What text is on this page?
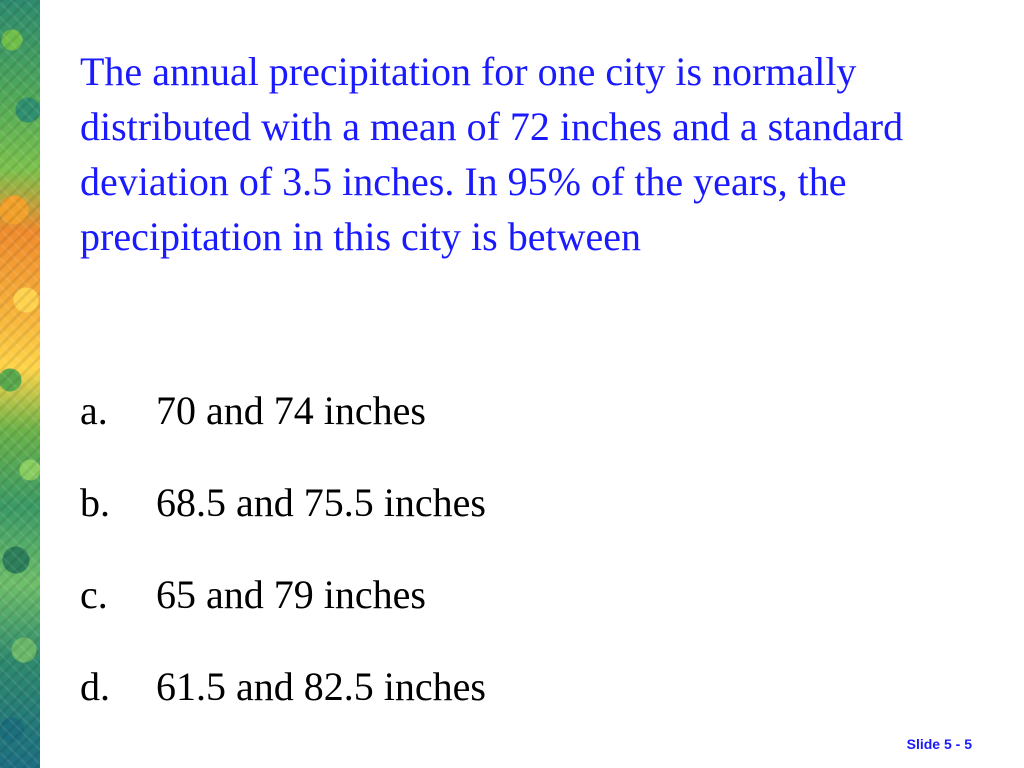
The annual precipitation for one city is normally distributed with a mean of 72 inches and a standard deviation of 3.5 inches. In 95% of the years, the precipitation in this city is between

a.	70 and 74 inches
b.	68.5 and 75.5 inches
c.	65 and 79 inches
d.	61.5 and 82.5 inches
Slide 5 - 5
